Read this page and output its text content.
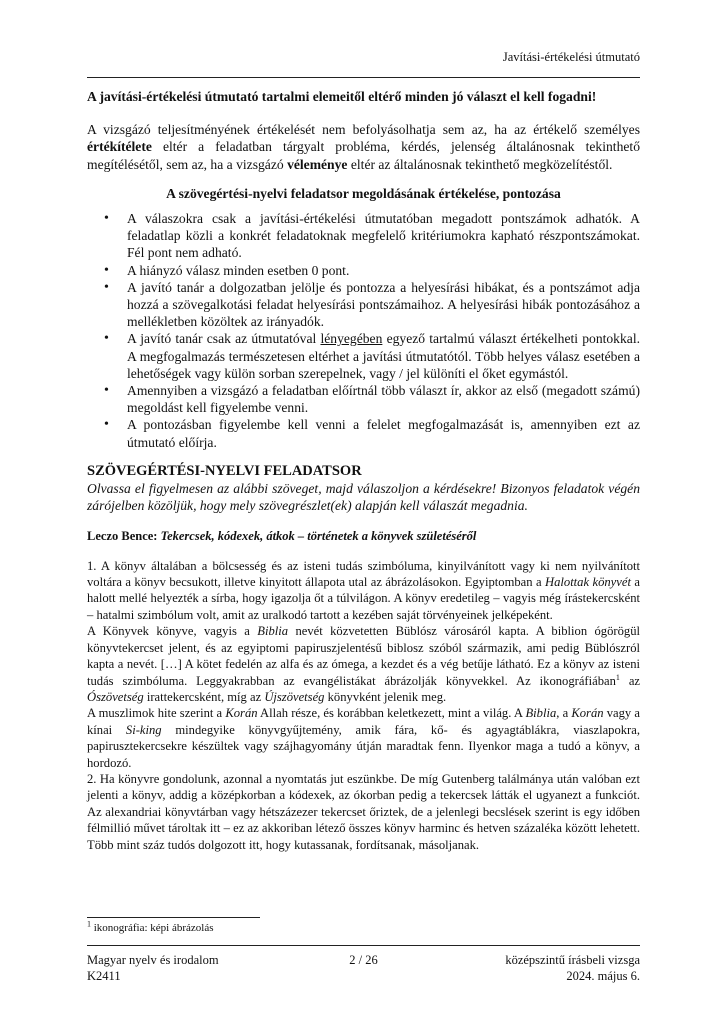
Javítási-értékelési útmutató

A javítási-értékelési útmutató tartalmi elemeitől eltérő minden jó választ el kell fogadni!

A vizsgázó teljesítményének értékelését nem befolyásolhatja sem az, ha az értékelő személyes értékítélete eltér a feladatban tárgyalt probléma, kérdés, jelenség általánosnak tekinthető megítélésétől, sem az, ha a vizsgázó véleménye eltér az általánosnak tekinthető megközelítéstől.

A szövegértési-nyelvi feladatsor megoldásának értékelése, pontozása

• A válaszokra csak a javítási-értékelési útmutatóban megadott pontszámok adhatók. A feladatlap közli a konkrét feladatoknak megfelelő kritériumokra kapható részpontszámokat. Fél pont nem adható.
• A hiányzó válasz minden esetben 0 pont.
• A javító tanár a dolgozatban jelölje és pontozza a helyesírási hibákat, és a pontszámot adja hozzá a szövegalkotási feladat helyesírási pontszámaihoz. A helyesírási hibák pontozásához a mellékletben közöltek az irányadók.
• A javító tanár csak az útmutatóval lényegében egyező tartalmú választ értékelheti pontokkal. A megfogalmazás természetesen eltérhet a javítási útmutatótól. Több helyes válasz esetében a lehetőségek vagy külön sorban szerepelnek, vagy / jel különíti el őket egymástól.
• Amennyiben a vizsgázó a feladatban előírtnál több választ ír, akkor az első (megadott számú) megoldást kell figyelembe venni.
• A pontozásban figyelembe kell venni a felelet megfogalmazását is, amennyiben ezt az útmutató előírja.
SZÖVEGÉRTÉSI-NYELVI FELADATSOR

Olvassa el figyelmesen az alábbi szöveget, majd válaszoljon a kérdésekre! Bizonyos feladatok végén zárójelben közöljük, hogy mely szövegrészlet(ek) alapján kell válaszát megadnia.

Leczo Bence: Tekercsek, kódexek, átkok – történetek a könyvek születéséről

1. A könyv általában a bölcsesség és az isteni tudás szimbóluma, kinyilvánított vagy ki nem nyilvánított voltára a könyv becsukott, illetve kinyitott állapota utal az ábrázolásokon. Egyiptomban a Halottak könyvét a halott mellé helyezték a sírba, hogy igazolja őt a túlvilágon. A könyv eredetileg – vagyis még írástekercsként – hatalmi szimbólum volt, amit az uralkodó tartott a kezében saját törvényeinek jelképeként.

A Könyvek könyve, vagyis a Biblia nevét közvetetten Büblósz városáról kapta. A biblion ógörögül könyvtekercset jelent, és az egyiptomi papiruszjelentésű biblosz szóból származik, ami pedig Büblószról kapta a nevét. […] A kötet fedelén az alfa és az ómega, a kezdet és a vég betűje látható. Ez a könyv az isteni tudás szimbóluma. Leggyakrabban az evangélistákat ábrázolják könyvekkel. Az ikonográfiában$^1$ az Ószövetség irattekercsként, míg az Újszövetség könyvként jelenik meg.

A muszlimok hite szerint a Korán Allah része, és korábban keletkezett, mint a világ. A Biblia, a Korán vagy a kínai Si-king mindegyike könyvgyűjtemény, amik fára, kő- és agyagtáblákra, viaszlapokra, papirusztekercsekre készültek vagy szájhagyomány útján maradtak fenn. Ilyenkor maga a tudó a könyv, a hordozó.

2. Ha könyvre gondolunk, azonnal a nyomtatás jut eszünkbe. De míg Gutenberg találmánya után valóban ezt jelenti a könyv, addig a középkorban a kódexek, az ókorban pedig a tekercsek látták el ugyanezt a funkciót. Az alexandriai könyvtárban vagy hétszázezer tekercset őriztek, de a jelenlegi becslések szerint is egy időben félmillió művet tároltak itt – ez az akkoriban létező összes könyv harminc és hetven százaléka között lehetett. Több mint száz tudós dolgozott itt, hogy kutassanak, fordítsanak, másoljanak.

$^1$ ikonográfia: képi ábrázolás
Magyar nyelv és irodalom
K2411
2 / 26	középszintű írásbeli vizsga
2024. május 6.
